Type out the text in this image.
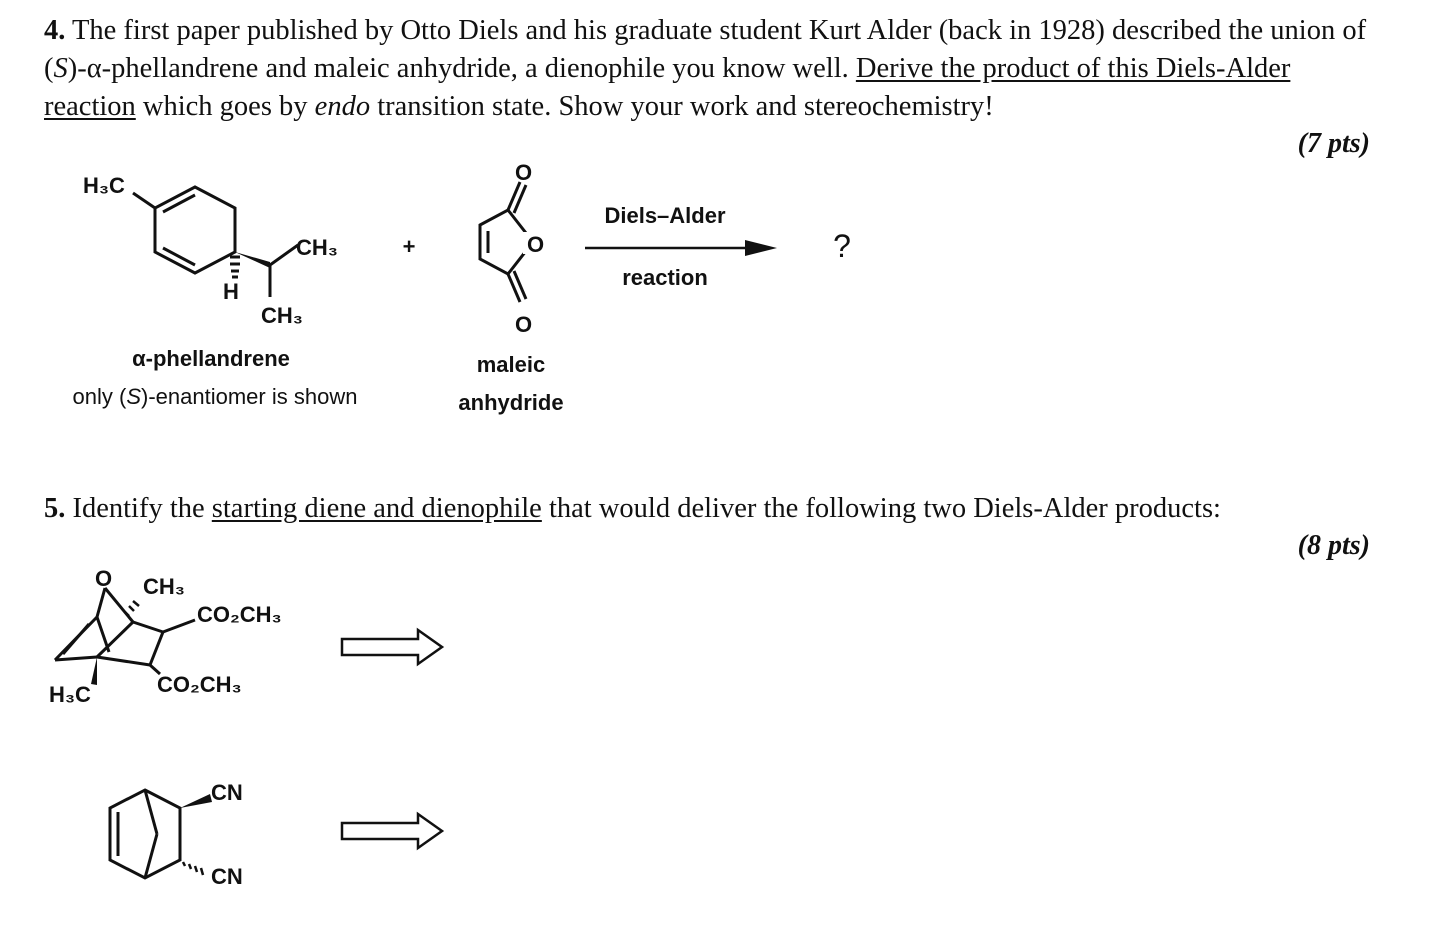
4. The first paper published by Otto Diels and his graduate student Kurt Alder (back in 1928) described the union of (S)-α-phellandrene and maleic anhydride, a dienophile you know well. Derive the product of this Diels-Alder reaction which goes by endo transition state. Show your work and stereochemistry!
(7 pts)
H₃C
CH₃
CH₃
H
α-phellandrene
only (S)-enantiomer is shown
+
O
O
O
maleic
anhydride
Diels–Alder
reaction
?
5. Identify the starting diene and dienophile that would deliver the following two Diels-Alder products:
(8 pts)
O CH₃
CO₂CH₃
CO₂CH₃
H₃C
CN
CN
